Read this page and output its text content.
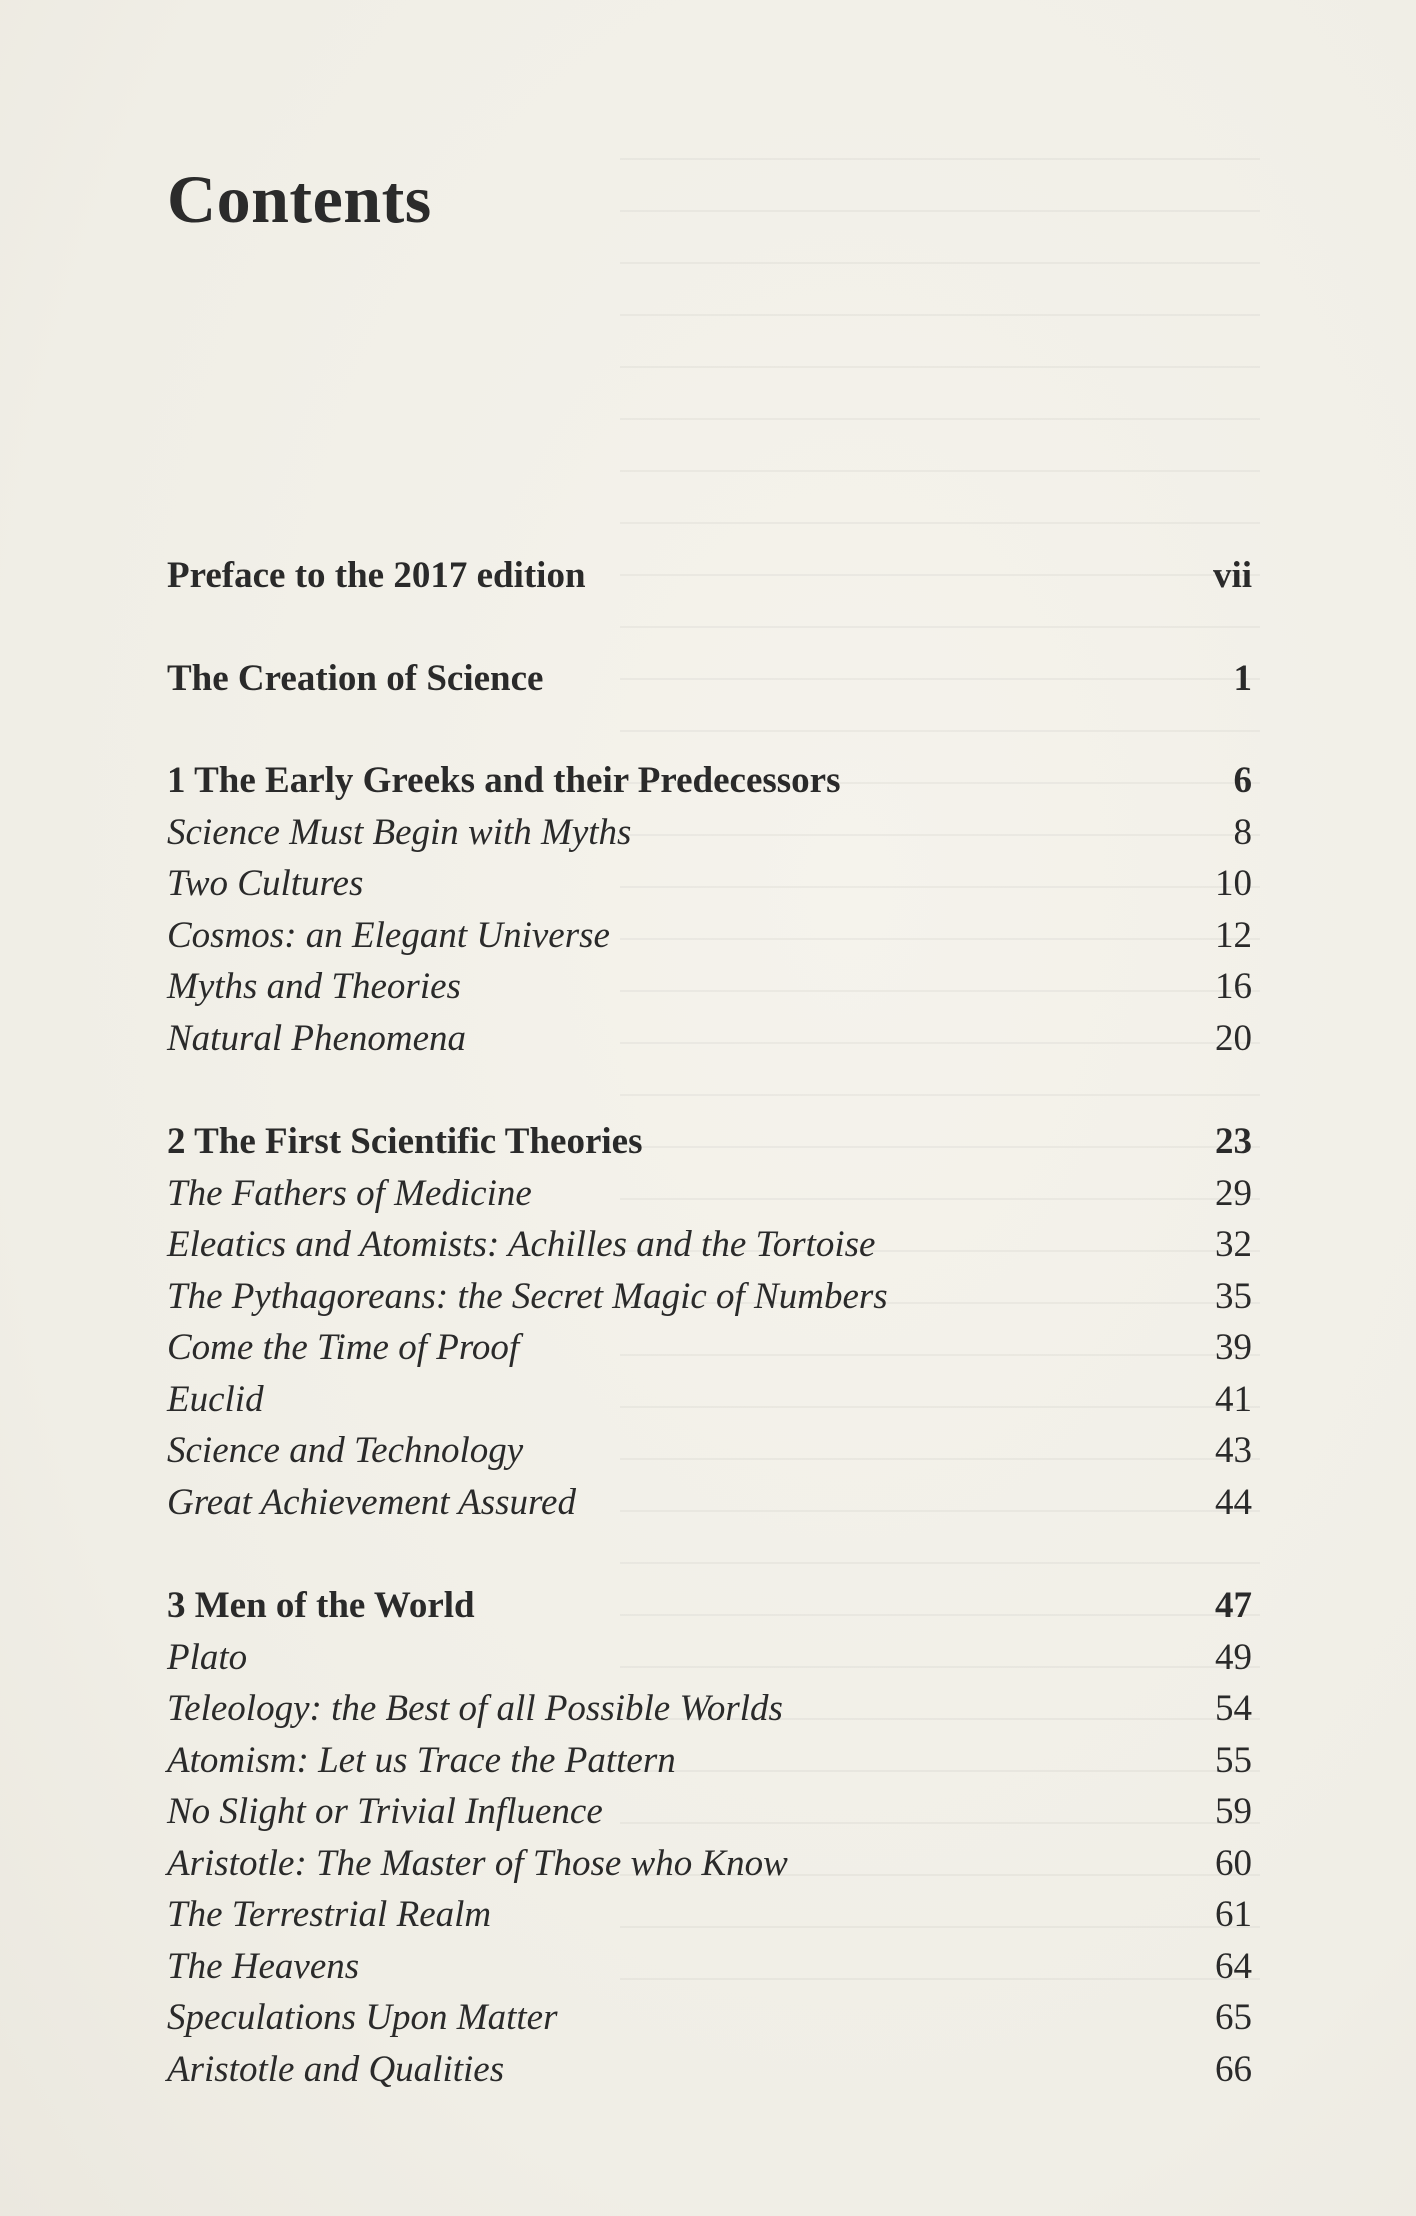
Contents
Preface to the 2017 edition	vii
The Creation of Science	1
1 The Early Greeks and their Predecessors	6
Science Must Begin with Myths	8
Two Cultures	10
Cosmos: an Elegant Universe	12
Myths and Theories	16
Natural Phenomena	20
2 The First Scientific Theories	23
The Fathers of Medicine	29
Eleatics and Atomists: Achilles and the Tortoise	32
The Pythagoreans: the Secret Magic of Numbers	35
Come the Time of Proof	39
Euclid	41
Science and Technology	43
Great Achievement Assured	44
3 Men of the World	47
Plato	49
Teleology: the Best of all Possible Worlds	54
Atomism: Let us Trace the Pattern	55
No Slight or Trivial Influence	59
Aristotle: The Master of Those who Know	60
The Terrestrial Realm	61
The Heavens	64
Speculations Upon Matter	65
Aristotle and Qualities	66
